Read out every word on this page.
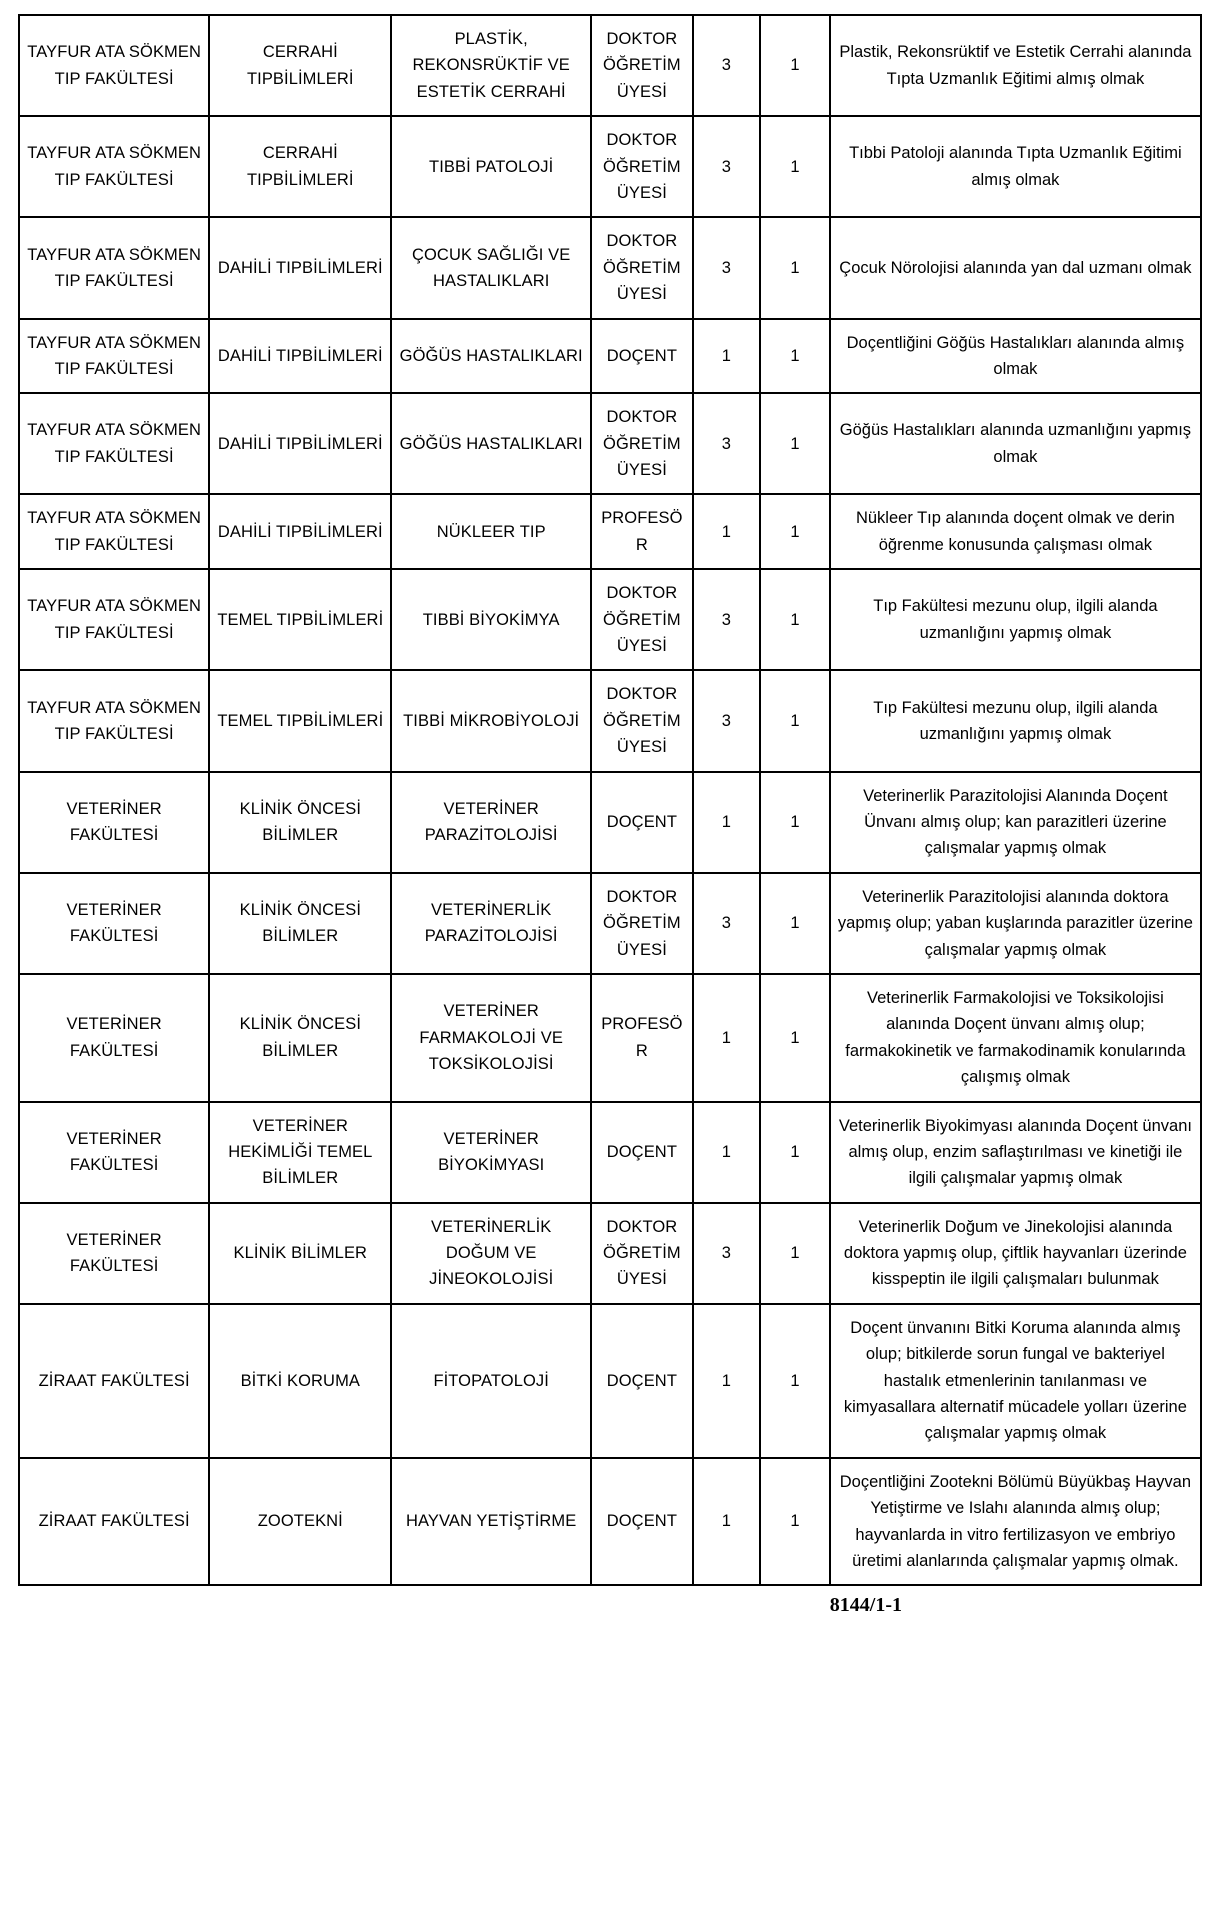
TAYFUR ATA SÖKMEN TIP FAKÜLTESİ	CERRAHİ TIPBİLİMLERİ	PLASTİK, REKONSRÜKTİF VE ESTETİK CERRAHİ	DOKTOR ÖĞRETİM ÜYESİ	3	1	Plastik, Rekonsrüktif ve Estetik Cerrahi alanında Tıpta Uzmanlık Eğitimi almış olmak
TAYFUR ATA SÖKMEN TIP FAKÜLTESİ	CERRAHİ TIPBİLİMLERİ	TIBBİ PATOLOJİ	DOKTOR ÖĞRETİM ÜYESİ	3	1	Tıbbi Patoloji alanında Tıpta Uzmanlık Eğitimi almış olmak
TAYFUR ATA SÖKMEN TIP FAKÜLTESİ	DAHİLİ TIPBİLİMLERİ	ÇOCUK SAĞLIĞI VE HASTALIKLARI	DOKTOR ÖĞRETİM ÜYESİ	3	1	Çocuk Nörolojisi alanında yan dal uzmanı olmak
TAYFUR ATA SÖKMEN TIP FAKÜLTESİ	DAHİLİ TIPBİLİMLERİ	GÖĞÜS HASTALIKLARI	DOÇENT	1	1	Doçentliğini Göğüs Hastalıkları alanında almış olmak
TAYFUR ATA SÖKMEN TIP FAKÜLTESİ	DAHİLİ TIPBİLİMLERİ	GÖĞÜS HASTALIKLARI	DOKTOR ÖĞRETİM ÜYESİ	3	1	Göğüs Hastalıkları alanında uzmanlığını yapmış olmak
TAYFUR ATA SÖKMEN TIP FAKÜLTESİ	DAHİLİ TIPBİLİMLERİ	NÜKLEER TIP	PROFESÖR	1	1	Nükleer Tıp alanında doçent olmak ve derin öğrenme konusunda çalışması olmak
TAYFUR ATA SÖKMEN TIP FAKÜLTESİ	TEMEL TIPBİLİMLERİ	TIBBİ BİYOKİMYA	DOKTOR ÖĞRETİM ÜYESİ	3	1	Tıp Fakültesi mezunu olup, ilgili alanda uzmanlığını yapmış olmak
TAYFUR ATA SÖKMEN TIP FAKÜLTESİ	TEMEL TIPBİLİMLERİ	TIBBİ MİKROBİYOLOJİ	DOKTOR ÖĞRETİM ÜYESİ	3	1	Tıp Fakültesi mezunu olup, ilgili alanda uzmanlığını yapmış olmak
VETERİNER FAKÜLTESİ	KLİNİK ÖNCESİ BİLİMLER	VETERİNER PARAZİTOLOJİSİ	DOÇENT	1	1	Veterinerlik Parazitolojisi Alanında Doçent Ünvanı almış olup; kan parazitleri üzerine çalışmalar yapmış olmak
VETERİNER FAKÜLTESİ	KLİNİK ÖNCESİ BİLİMLER	VETERİNERLİK PARAZİTOLOJİSİ	DOKTOR ÖĞRETİM ÜYESİ	3	1	Veterinerlik Parazitolojisi alanında doktora yapmış olup; yaban kuşlarında parazitler üzerine çalışmalar yapmış olmak
VETERİNER FAKÜLTESİ	KLİNİK ÖNCESİ BİLİMLER	VETERİNER FARMAKOLOJİ VE TOKSİKOLOJİSİ	PROFESÖR	1	1	Veterinerlik Farmakolojisi ve Toksikolojisi alanında Doçent ünvanı almış olup; farmakokinetik ve farmakodinamik konularında çalışmış olmak
VETERİNER FAKÜLTESİ	VETERİNER HEKİMLİĞİ TEMEL BİLİMLER	VETERİNER BİYOKİMYASI	DOÇENT	1	1	Veterinerlik Biyokimyası alanında Doçent ünvanı almış olup, enzim saflaştırılması ve kinetiği ile ilgili çalışmalar yapmış olmak
VETERİNER FAKÜLTESİ	KLİNİK BİLİMLER	VETERİNERLİK DOĞUM VE JİNEOKOLOJİSİ	DOKTOR ÖĞRETİM ÜYESİ	3	1	Veterinerlik Doğum ve Jinekolojisi alanında doktora yapmış olup, çiftlik hayvanları üzerinde kisspeptin ile ilgili çalışmaları bulunmak
ZİRAAT FAKÜLTESİ	BİTKİ KORUMA	FİTOPATOLOJİ	DOÇENT	1	1	Doçent ünvanını Bitki Koruma alanında almış olup; bitkilerde sorun fungal ve bakteriyel hastalık etmenlerinin tanılanması ve kimyasallara alternatif mücadele yolları üzerine çalışmalar yapmış olmak
ZİRAAT FAKÜLTESİ	ZOOTEKNİ	HAYVAN YETİŞTİRME	DOÇENT	1	1	Doçentliğini Zootekni Bölümü Büyükbaş Hayvan Yetiştirme ve Islahı alanında almış olup; hayvanlarda in vitro fertilizasyon ve embriyo üretimi alanlarında çalışmalar yapmış olmak.
8144/1-1
